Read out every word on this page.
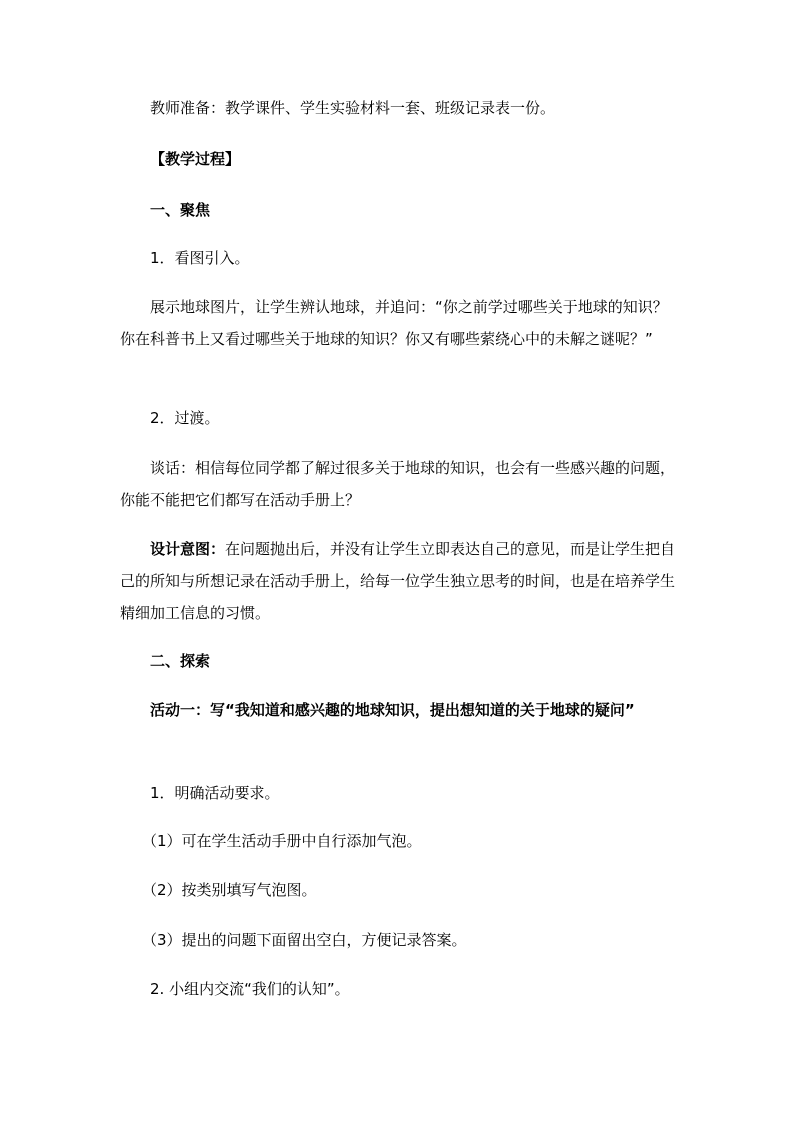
教师准备：教学课件、学生实验材料一套、班级记录表一份。

【教学过程】

一、聚焦

1．看图引入。

展示地球图片，让学生辨认地球，并追问：“你之前学过哪些关于地球的知识？你在科普书上又看过哪些关于地球的知识？你又有哪些萦绕心中的未解之谜呢？”

2．过渡。

谈话：相信每位同学都了解过很多关于地球的知识，也会有一些感兴趣的问题，你能不能把它们都写在活动手册上？

设计意图：在问题抛出后，并没有让学生立即表达自己的意见，而是让学生把自己的所知与所想记录在活动手册上，给每一位学生独立思考的时间，也是在培养学生精细加工信息的习惯。

二、探索

活动一：写“我知道和感兴趣的地球知识，提出想知道的关于地球的疑问”

1．明确活动要求。

（1）可在学生活动手册中自行添加气泡。

（2）按类别填写气泡图。

（3）提出的问题下面留出空白，方便记录答案。

2. 小组内交流“我们的认知”。
